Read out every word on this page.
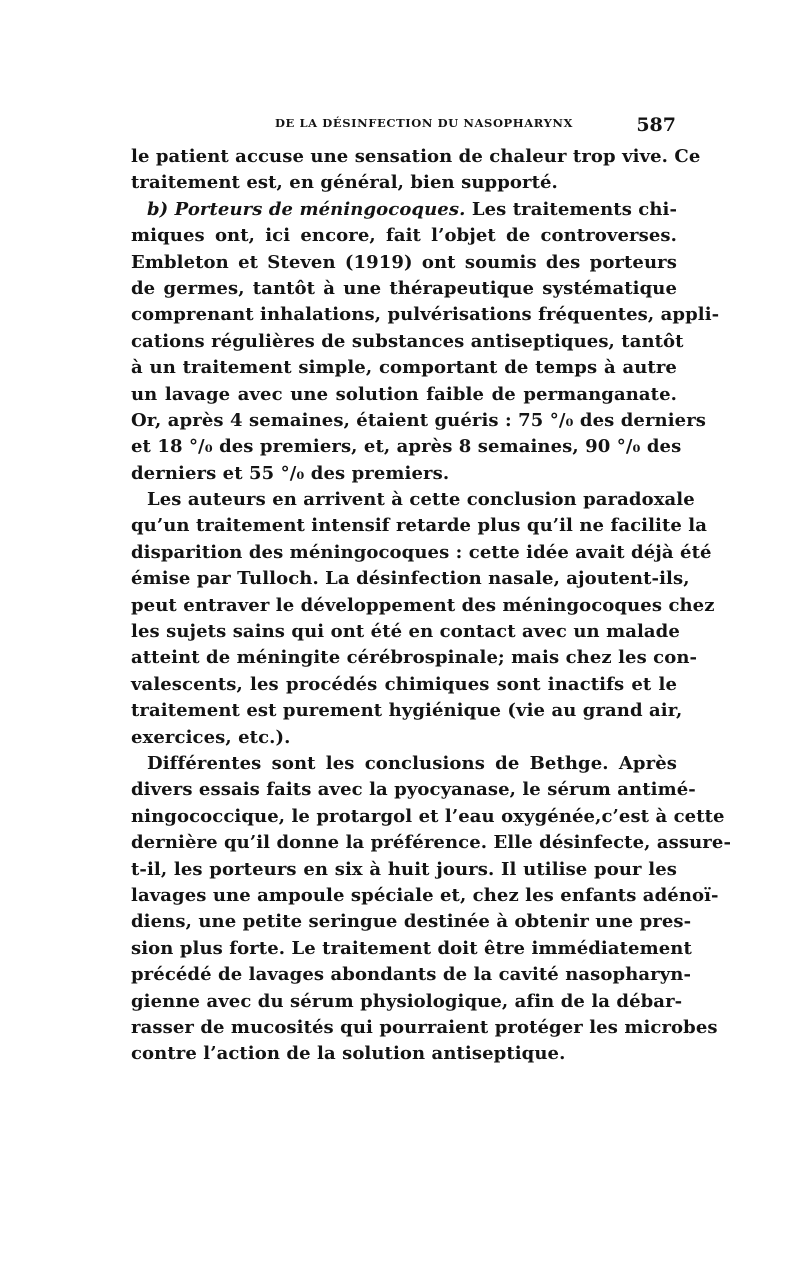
DE LA DÉSINFECTION DU NASOPHARYNX	587
le patient accuse une sensation de chaleur trop vive. Ce
traitement est, en général, bien supporté.
b) Porteurs de méningocoques. Les traitements chi-
miques ont, ici encore, fait l’objet de controverses.
Embleton et Steven (1919) ont soumis des porteurs
de germes, tantôt à une thérapeutique systématique
comprenant inhalations, pulvérisations fréquentes, appli-
cations régulières de substances antiseptiques, tantôt
à un traitement simple, comportant de temps à autre
un lavage avec une solution faible de permanganate.
Or, après 4 semaines, étaient guéris : 75 °/₀ des derniers
et 18 °/₀ des premiers, et, après 8 semaines, 90 °/₀ des
derniers et 55 °/₀ des premiers.
Les auteurs en arrivent à cette conclusion paradoxale
qu’un traitement intensif retarde plus qu’il ne facilite la
disparition des méningocoques : cette idée avait déjà été
émise par Tulloch. La désinfection nasale, ajoutent-ils,
peut entraver le développement des méningocoques chez
les sujets sains qui ont été en contact avec un malade
atteint de méningite cérébrospinale; mais chez les con-
valescents, les procédés chimiques sont inactifs et le
traitement est purement hygiénique (vie au grand air,
exercices, etc.).
Différentes sont les conclusions de Bethge. Après
divers essais faits avec la pyocyanase, le sérum antimé-
ningococcique, le protargol et l’eau oxygénée,c’est à cette
dernière qu’il donne la préférence. Elle désinfecte, assure-
t-il, les porteurs en six à huit jours. Il utilise pour les
lavages une ampoule spéciale et, chez les enfants adénoï-
diens, une petite seringue destinée à obtenir une pres-
sion plus forte. Le traitement doit être immédiatement
précédé de lavages abondants de la cavité nasopharyn-
gienne avec du sérum physiologique, afin de la débar-
rasser de mucosités qui pourraient protéger les microbes
contre l’action de la solution antiseptique.
